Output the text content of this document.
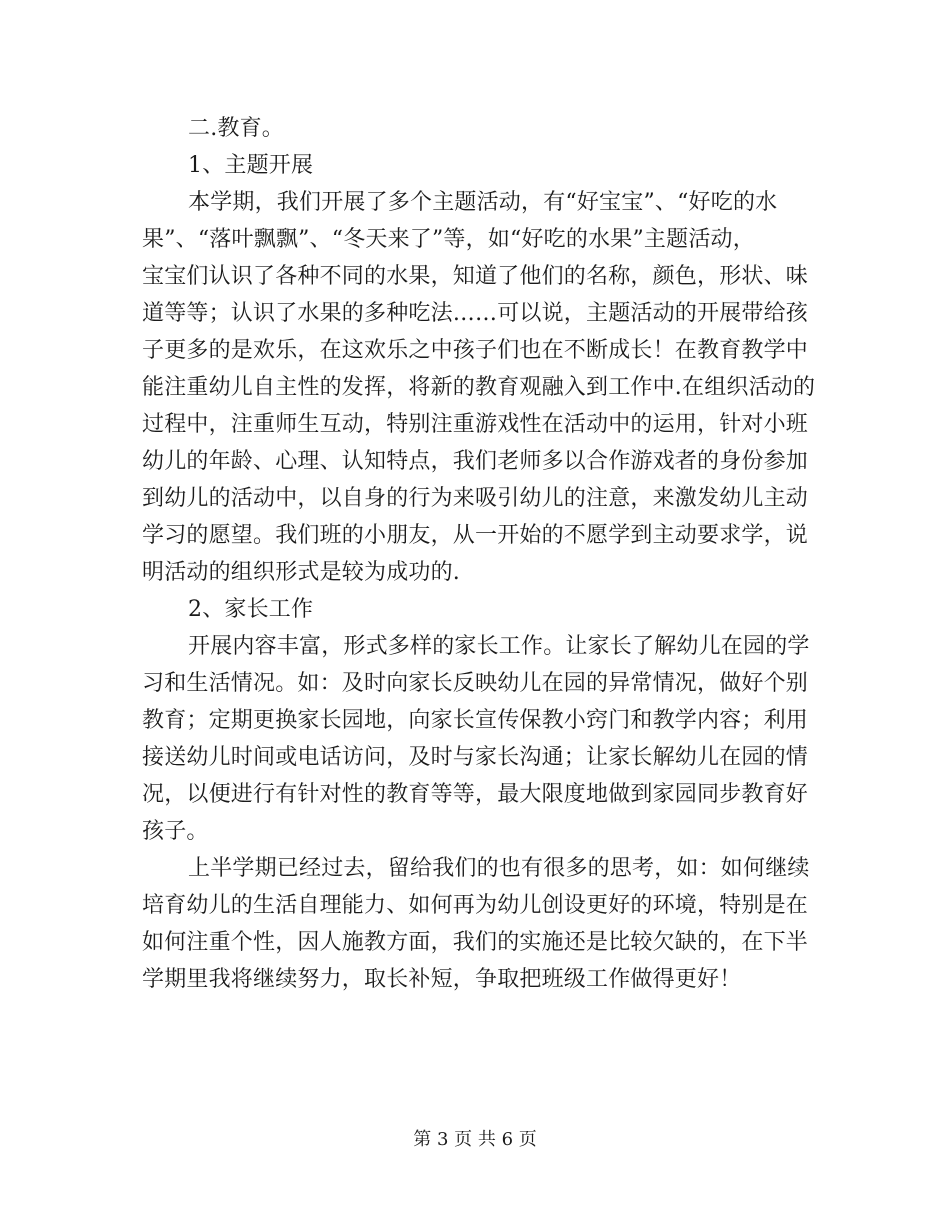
二.教育。
1、主题开展
本学期，我们开展了多个主题活动，有“好宝宝”、“好吃的水
果”、“落叶飘飘”、“冬天来了”等，如“好吃的水果”主题活动，
宝宝们认识了各种不同的水果，知道了他们的名称，颜色，形状、味
道等等；认识了水果的多种吃法……可以说，主题活动的开展带给孩
子更多的是欢乐，在这欢乐之中孩子们也在不断成长！在教育教学中
能注重幼儿自主性的发挥，将新的教育观融入到工作中.在组织活动的
过程中，注重师生互动，特别注重游戏性在活动中的运用，针对小班
幼儿的年龄、心理、认知特点，我们老师多以合作游戏者的身份参加
到幼儿的活动中，以自身的行为来吸引幼儿的注意，来激发幼儿主动
学习的愿望。我们班的小朋友，从一开始的不愿学到主动要求学，说
明活动的组织形式是较为成功的.
2、家长工作
开展内容丰富，形式多样的家长工作。让家长了解幼儿在园的学
习和生活情况。如：及时向家长反映幼儿在园的异常情况，做好个别
教育；定期更换家长园地，向家长宣传保教小窍门和教学内容；利用
接送幼儿时间或电话访问，及时与家长沟通；让家长解幼儿在园的情
况，以便进行有针对性的教育等等，最大限度地做到家园同步教育好
孩子。
上半学期已经过去，留给我们的也有很多的思考，如：如何继续
培育幼儿的生活自理能力、如何再为幼儿创设更好的环境，特别是在
如何注重个性，因人施教方面，我们的实施还是比较欠缺的，在下半
学期里我将继续努力，取长补短，争取把班级工作做得更好！
第 3 页 共 6 页
